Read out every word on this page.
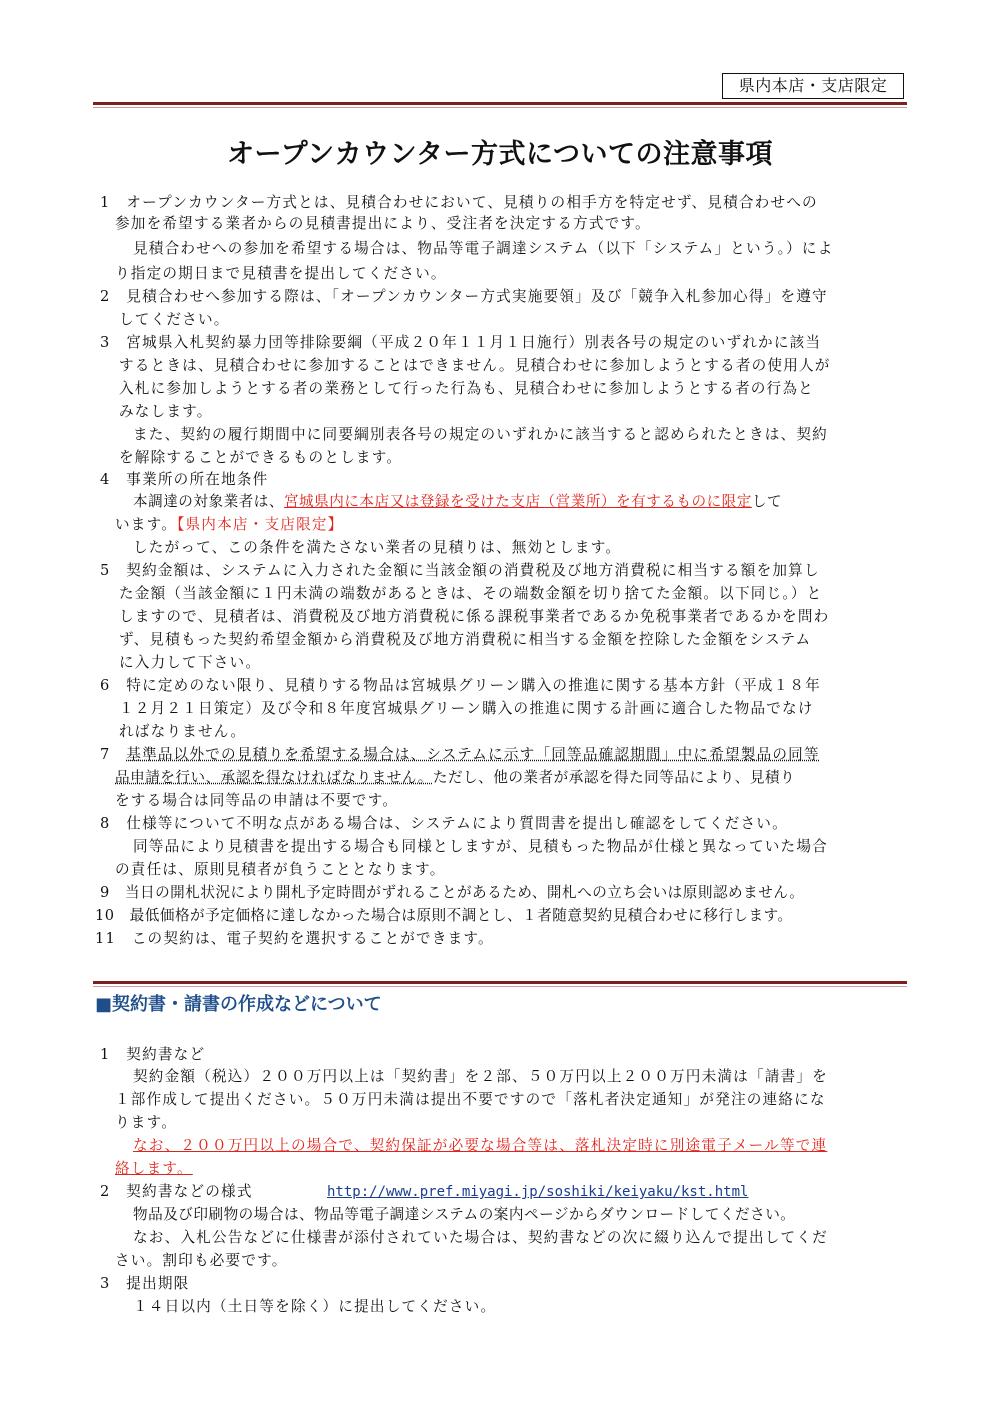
県内本店・支店限定
オープンカウンター方式についての注意事項
1　オープンカウンター方式とは、見積合わせにおいて、見積りの相手方を特定せず、見積合わせへの
参加を希望する業者からの見積書提出により、受注者を決定する方式です。
見積合わせへの参加を希望する場合は、物品等電子調達システム（以下「システム」という。）によ
り指定の期日まで見積書を提出してください。
2　見積合わせへ参加する際は、「オープンカウンター方式実施要領」及び「競争入札参加心得」を遵守
してください。
3　宮城県入札契約暴力団等排除要綱（平成２０年１１月１日施行）別表各号の規定のいずれかに該当
するときは、見積合わせに参加することはできません。見積合わせに参加しようとする者の使用人が
入札に参加しようとする者の業務として行った行為も、見積合わせに参加しようとする者の行為と
みなします。
また、契約の履行期間中に同要綱別表各号の規定のいずれかに該当すると認められたときは、契約
を解除することができるものとします。
4　事業所の所在地条件
本調達の対象業者は、宮城県内に本店又は登録を受けた支店（営業所）を有するものに限定して
います。【県内本店・支店限定】
したがって、この条件を満たさない業者の見積りは、無効とします。
5　契約金額は、システムに入力された金額に当該金額の消費税及び地方消費税に相当する額を加算し
た金額（当該金額に１円未満の端数があるときは、その端数金額を切り捨てた金額。以下同じ。）と
しますので、見積者は、消費税及び地方消費税に係る課税事業者であるか免税事業者であるかを問わ
ず、見積もった契約希望金額から消費税及び地方消費税に相当する金額を控除した金額をシステム
に入力して下さい。
6　特に定めのない限り、見積りする物品は宮城県グリーン購入の推進に関する基本方針（平成１８年
１２月２１日策定）及び令和８年度宮城県グリーン購入の推進に関する計画に適合した物品でなけ
ればなりません。
7　基準品以外での見積りを希望する場合は、システムに示す「同等品確認期間」中に希望製品の同等
品申請を行い、承認を得なければなりません。ただし、他の業者が承認を得た同等品により、見積り
をする場合は同等品の申請は不要です。
8　仕様等について不明な点がある場合は、システムにより質問書を提出し確認をしてください。
同等品により見積書を提出する場合も同様としますが、見積もった物品が仕様と異なっていた場合
の責任は、原則見積者が負うこととなります。
9　当日の開札状況により開札予定時間がずれることがあるため、開札への立ち会いは原則認めません。
10　最低価格が予定価格に達しなかった場合は原則不調とし、１者随意契約見積合わせに移行します。
11　この契約は、電子契約を選択することができます。
■契約書・請書の作成などについて
1　契約書など
契約金額（税込）２００万円以上は「契約書」を２部、５０万円以上２００万円未満は「請書」を
１部作成して提出ください。５０万円未満は提出不要ですので「落札者決定通知」が発注の連絡にな
ります。
なお、２００万円以上の場合で、契約保証が必要な場合等は、落札決定時に別途電子メール等で連
絡します。
2　契約書などの様式	http://www.pref.miyagi.jp/soshiki/keiyaku/kst.html
物品及び印刷物の場合は、物品等電子調達システムの案内ページからダウンロードしてください。
なお、入札公告などに仕様書が添付されていた場合は、契約書などの次に綴り込んで提出してくだ
さい。割印も必要です。
3　提出期限
１４日以内（土日等を除く）に提出してください。
